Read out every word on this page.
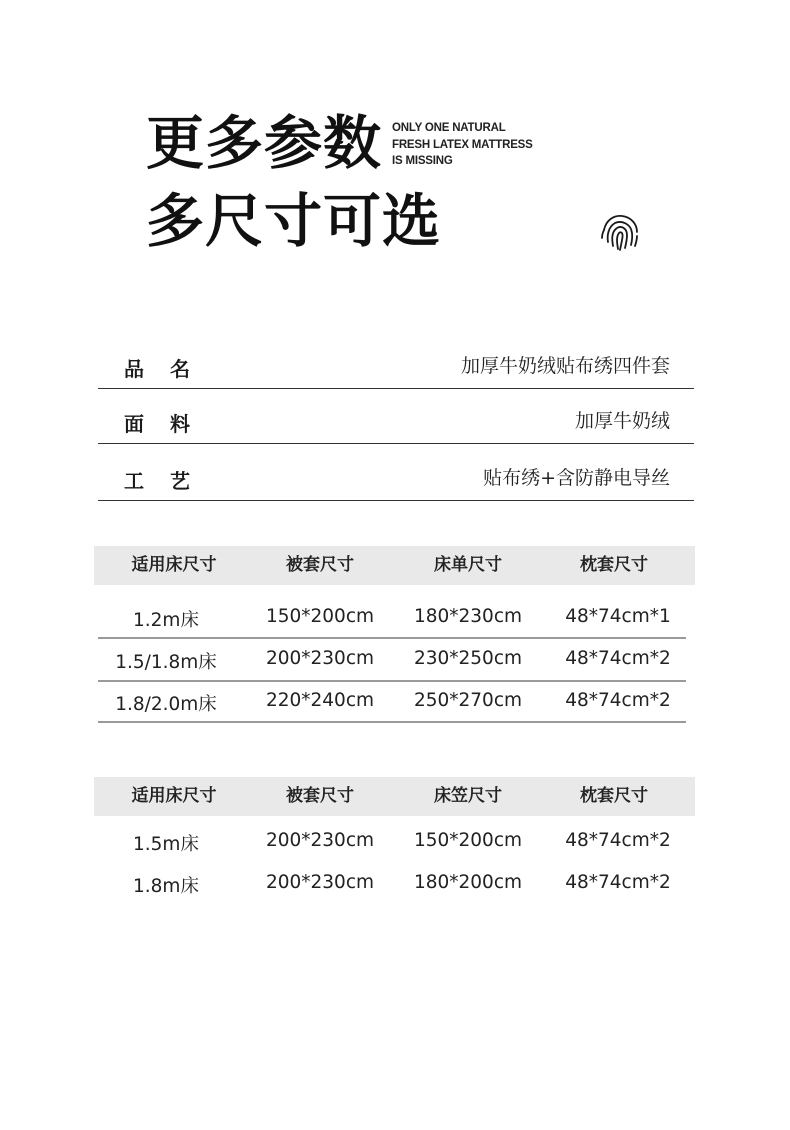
更多参数
多尺寸可选
ONLY ONE NATURAL
FRESH LATEX MATTRESS
IS MISSING
品名	加厚牛奶绒贴布绣四件套
面料	加厚牛奶绒
工艺	贴布绣+含防静电导丝
适用床尺寸	被套尺寸	床单尺寸	枕套尺寸
1.2m床	150*200cm	180*230cm	48*74cm*1
1.5/1.8m床	200*230cm	230*250cm	48*74cm*2
1.8/2.0m床	220*240cm	250*270cm	48*74cm*2
适用床尺寸	被套尺寸	床笠尺寸	枕套尺寸
1.5m床	200*230cm	150*200cm	48*74cm*2
1.8m床	200*230cm	180*200cm	48*74cm*2
